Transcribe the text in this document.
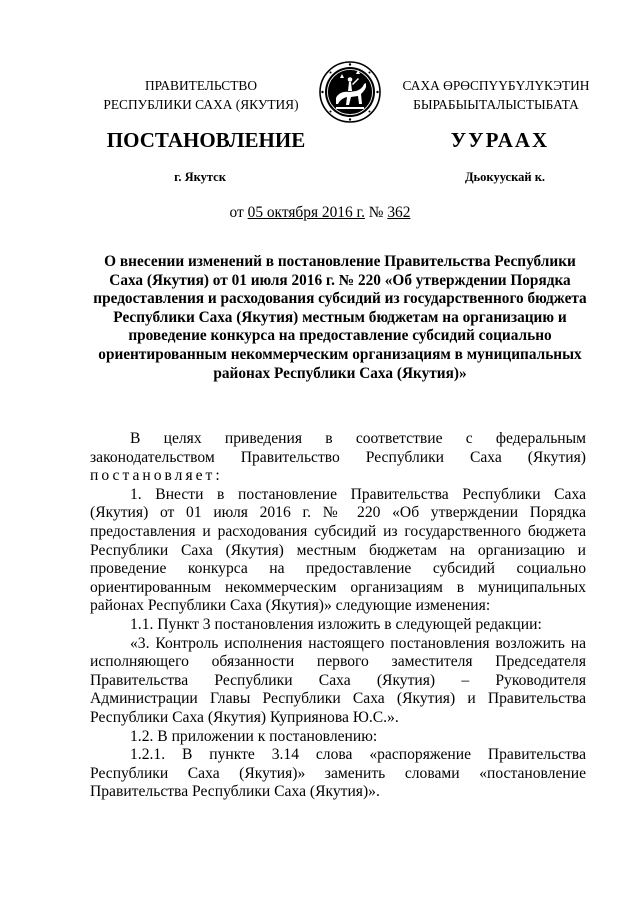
ПРАВИТЕЛЬСТВО
РЕСПУБЛИКИ САХА (ЯКУТИЯ)
САХА ӨРӨСПҮҮБҮЛҮКЭТИН
БЫРАБЫЫТАЛЫСТЫБАТА
ПОСТАНОВЛЕНИЕ	УУРААХ
г. Якутск	Дьокуускай к.
от 05 октября 2016 г. № 362
О внесении изменений в постановление Правительства Республики Саха (Якутия) от 01 июля 2016 г. № 220 «Об утверждении Порядка предоставления и расходования субсидий из государственного бюджета Республики Саха (Якутия) местным бюджетам на организацию и проведение конкурса на предоставление субсидий социально ориентированным некоммерческим организациям в муниципальных районах Республики Саха (Якутия)»

В целях приведения в соответствие с федеральным законодательством Правительство Республики Саха (Якутия) постановляет:

1. Внести в постановление Правительства Республики Саха (Якутия) от 01 июля 2016 г. № 220 «Об утверждении Порядка предоставления и расходования субсидий из государственного бюджета Республики Саха (Якутия) местным бюджетам на организацию и проведение конкурса на предоставление субсидий социально ориентированным некоммерческим организациям в муниципальных районах Республики Саха (Якутия)» следующие изменения:

1.1. Пункт 3 постановления изложить в следующей редакции:

«3. Контроль исполнения настоящего постановления возложить на исполняющего обязанности первого заместителя Председателя Правительства Республики Саха (Якутия) – Руководителя Администрации Главы Республики Саха (Якутия) и Правительства Республики Саха (Якутия) Куприянова Ю.С.».

1.2. В приложении к постановлению:

1.2.1. В пункте 3.14 слова «распоряжение Правительства Республики Саха (Якутия)» заменить словами «постановление Правительства Республики Саха (Якутия)».
